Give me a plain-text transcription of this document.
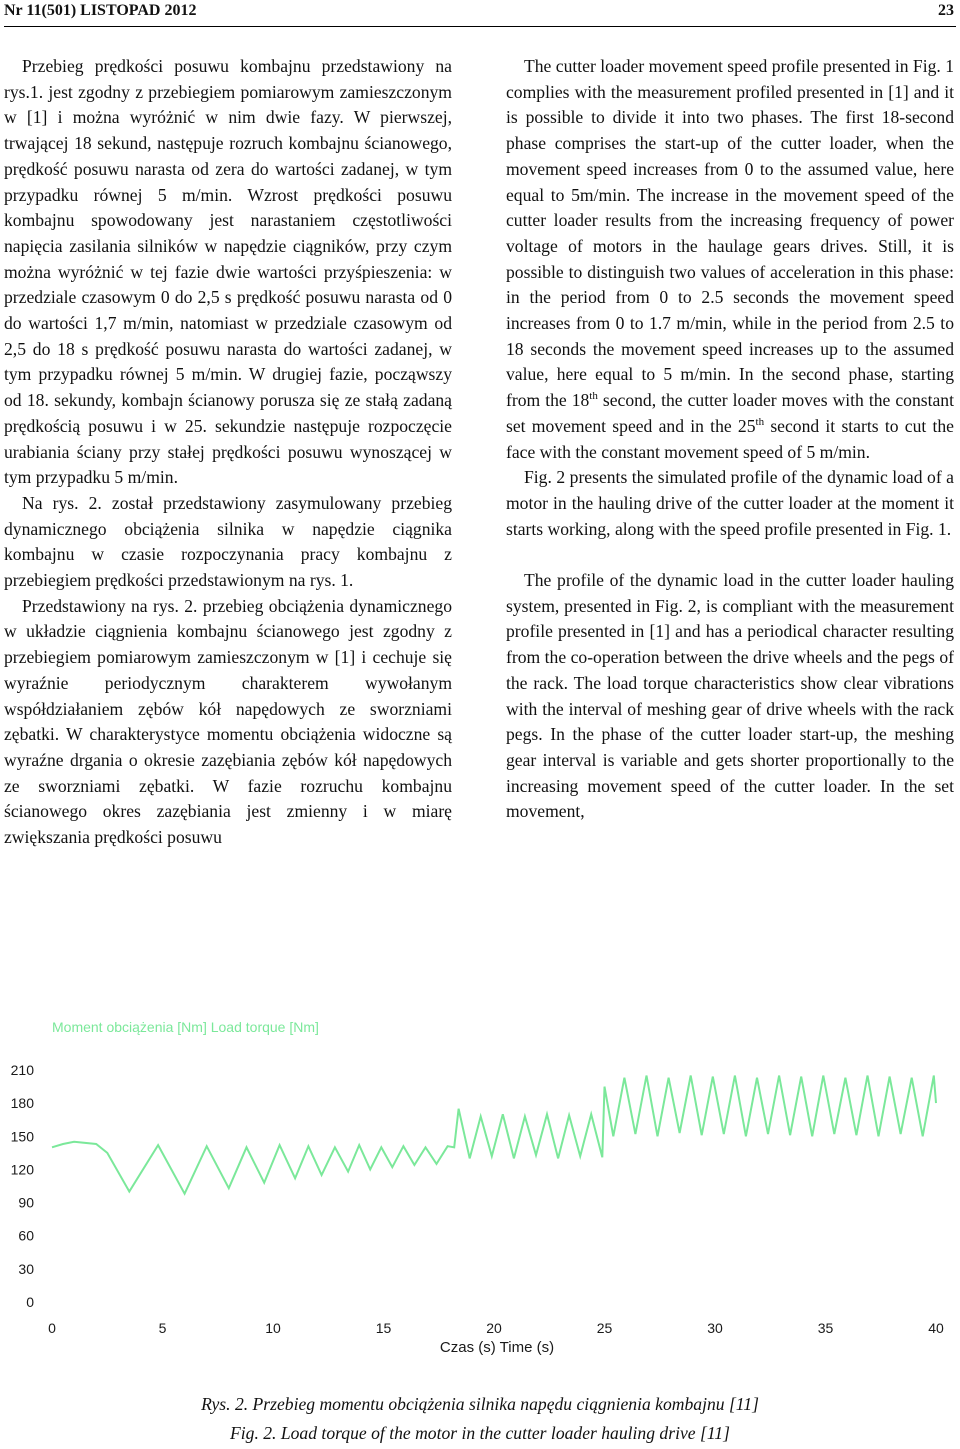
Nr 11(501) LISTOPAD 2012	23

Przebieg prędkości posuwu kombajnu przedstawiony na rys.1. jest zgodny z przebiegiem pomiarowym zamieszczonym w [1] i można wyróżnić w nim dwie fazy. W pierwszej, trwającej 18 sekund, następuje rozruch kombajnu ścianowego, prędkość posuwu narasta od zera do wartości zadanej, w tym przypadku równej 5 m/min. Wzrost prędkości posuwu kombajnu spowodowany jest narastaniem częstotliwości napięcia zasilania silników w napędzie ciągników, przy czym można wyróżnić w tej fazie dwie wartości przyśpieszenia: w przedziale czasowym 0 do 2,5 s prędkość posuwu narasta od 0 do wartości 1,7 m/min, natomiast w przedziale czasowym od 2,5 do 18 s prędkość posuwu narasta do wartości zadanej, w tym przypadku równej 5 m/min. W drugiej fazie, począwszy od 18. sekundy, kombajn ścianowy porusza się ze stałą zadaną prędkością posuwu i w 25. sekundzie następuje rozpoczęcie urabiania ściany przy stałej prędkości posuwu wynoszącej w tym przypadku 5 m/min.

Na rys. 2. został przedstawiony zasymulowany przebieg dynamicznego obciążenia silnika w napędzie ciągnika kombajnu w czasie rozpoczynania pracy kombajnu z przebiegiem prędkości przedstawionym na rys. 1.

Przedstawiony na rys. 2. przebieg obciążenia dynamicznego w układzie ciągnienia kombajnu ścianowego jest zgodny z przebiegiem pomiarowym zamieszczonym w [1] i cechuje się wyraźnie periodycznym charakterem wywołanym współdziałaniem zębów kół napędowych ze sworzniami zębatki. W charakterystyce momentu obciążenia widoczne są wyraźne drgania o okresie zazębiania zębów kół napędowych ze sworzniami zębatki. W fazie rozruchu kombajnu ścianowego okres zazębiania jest zmienny i w miarę zwiększania prędkości posuwu

The cutter loader movement speed profile presented in Fig. 1 complies with the measurement profiled presented in [1] and it is possible to divide it into two phases. The first 18-second phase comprises the start-up of the cutter loader, when the movement speed increases from 0 to the assumed value, here equal to 5m/min. The increase in the movement speed of the cutter loader results from the increasing frequency of power voltage of motors in the haulage gears drives. Still, it is possible to distinguish two values of acceleration in this phase: in the period from 0 to 2.5 seconds the movement speed increases from 0 to 1.7 m/min, while in the period from 2.5 to 18 seconds the movement speed increases up to the assumed value, here equal to 5 m/min. In the second phase, starting from the 18th second, the cutter loader moves with the constant set movement speed and in the 25th second it starts to cut the face with the constant movement speed of 5 m/min.

Fig. 2 presents the simulated profile of the dynamic load of a motor in the hauling drive of the cutter loader at the moment it starts working, along with the speed profile presented in Fig. 1.

The profile of the dynamic load in the cutter loader hauling system, presented in Fig. 2, is compliant with the measurement profile presented in [1] and has a periodical character resulting from the co-operation between the drive wheels and the pegs of the rack. The load torque characteristics show clear vibrations with the interval of meshing gear of drive wheels with the rack pegs. In the phase of the cutter loader start-up, the meshing gear interval is variable and gets shorter proportionally to the increasing movement speed of the cutter loader. In the set movement,

Moment obciążenia [Nm] Load torque [Nm]
0
30
60
90
120
150
180
210
0	5	10	15	20	25	30	35	40
Czas (s) Time (s)
Rys. 2. Przebieg momentu obciążenia silnika napędu ciągnienia kombajnu [11]
Fig. 2. Load torque of the motor in the cutter loader hauling drive [11]
